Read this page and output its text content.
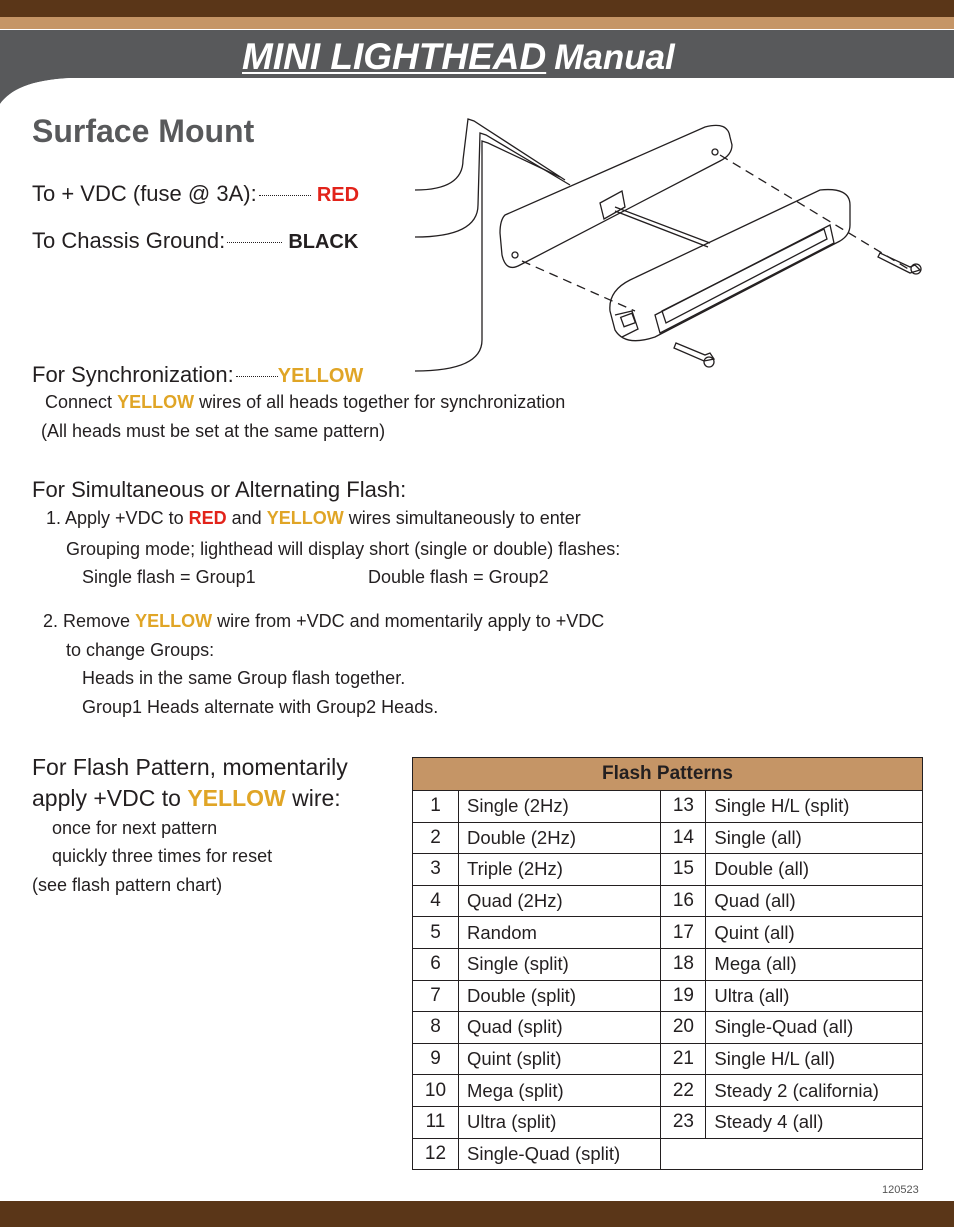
MINI LIGHTHEAD Manual
Surface Mount
To + VDC (fuse @ 3A):	RED
To Chassis Ground:	BLACK
For Synchronization: YELLOW
Connect YELLOW wires of all heads together for synchronization
(All heads must be set at the same pattern)
For Simultaneous or Alternating Flash:
1. Apply +VDC to RED and YELLOW wires simultaneously to enter
Grouping mode; lighthead will display short (single or double) flashes:
Single flash = Group1	Double flash = Group2
2. Remove YELLOW wire from +VDC and momentarily apply to +VDC
to change Groups:
Heads in the same Group flash together.
Group1 Heads alternate with Group2 Heads.
For Flash Pattern, momentarily
apply +VDC to YELLOW wire:
once for next pattern
quickly three times for reset
(see flash pattern chart)
Flash Patterns			
1	Single (2Hz)	13	Single H/L (split)
2	Double (2Hz)	14	Single (all)
3	Triple (2Hz)	15	Double (all)
4	Quad (2Hz)	16	Quad (all)
5	Random	17	Quint (all)
6	Single (split)	18	Mega (all)
7	Double (split)	19	Ultra (all)
8	Quad (split)	20	Single-Quad (all)
9	Quint (split)	21	Single H/L (all)
10	Mega (split)	22	Steady 2 (california)
11	Ultra (split)	23	Steady 4 (all)
12	Single-Quad (split)		
120523
